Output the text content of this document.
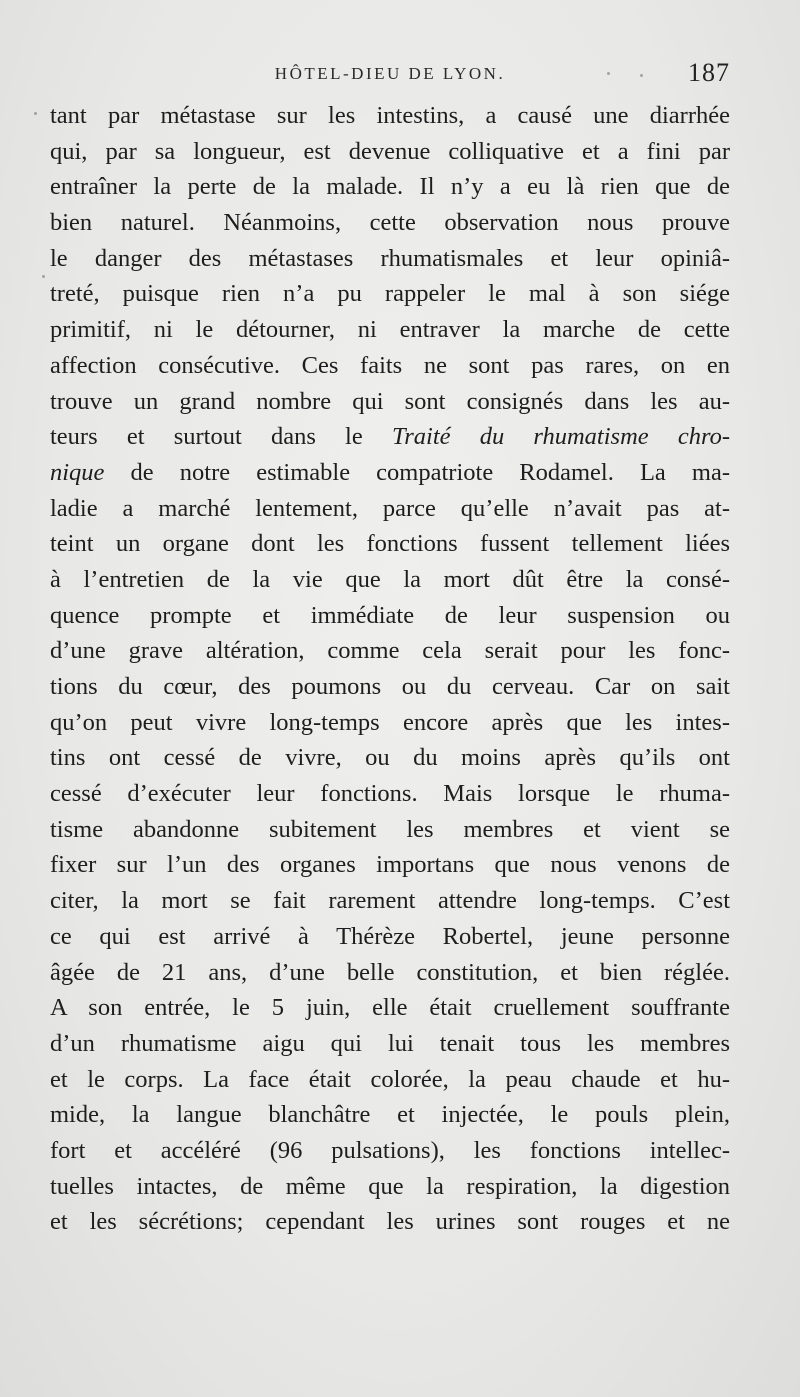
HÔTEL-DIEU DE LYON.	187
tant par métastase sur les intestins, a causé une diarrhée
qui, par sa longueur, est devenue colliquative et a fini par
entraîner la perte de la malade. Il n’y a eu là rien que de
bien naturel. Néanmoins, cette observation nous prouve
le danger des métastases rhumatismales et leur opiniâ-
treté, puisque rien n’a pu rappeler le mal à son siége
primitif, ni le détourner, ni entraver la marche de cette
affection consécutive. Ces faits ne sont pas rares, on en
trouve un grand nombre qui sont consignés dans les au-
teurs et surtout dans le Traité du rhumatisme chro-
nique de notre estimable compatriote Rodamel. La ma-
ladie a marché lentement, parce qu’elle n’avait pas at-
teint un organe dont les fonctions fussent tellement liées
à l’entretien de la vie que la mort dût être la consé-
quence prompte et immédiate de leur suspension ou
d’une grave altération, comme cela serait pour les fonc-
tions du cœur, des poumons ou du cerveau. Car on sait
qu’on peut vivre long-temps encore après que les intes-
tins ont cessé de vivre, ou du moins après qu’ils ont
cessé d’exécuter leur fonctions. Mais lorsque le rhuma-
tisme abandonne subitement les membres et vient se
fixer sur l’un des organes importans que nous venons de
citer, la mort se fait rarement attendre long-temps. C’est
ce qui est arrivé à Thérèze Robertel, jeune personne
âgée de 21 ans, d’une belle constitution, et bien réglée.
A son entrée, le 5 juin, elle était cruellement souffrante
d’un rhumatisme aigu qui lui tenait tous les membres
et le corps. La face était colorée, la peau chaude et hu-
mide, la langue blanchâtre et injectée, le pouls plein,
fort et accéléré (96 pulsations), les fonctions intellec-
tuelles intactes, de même que la respiration, la digestion
et les sécrétions; cependant les urines sont rouges et ne
